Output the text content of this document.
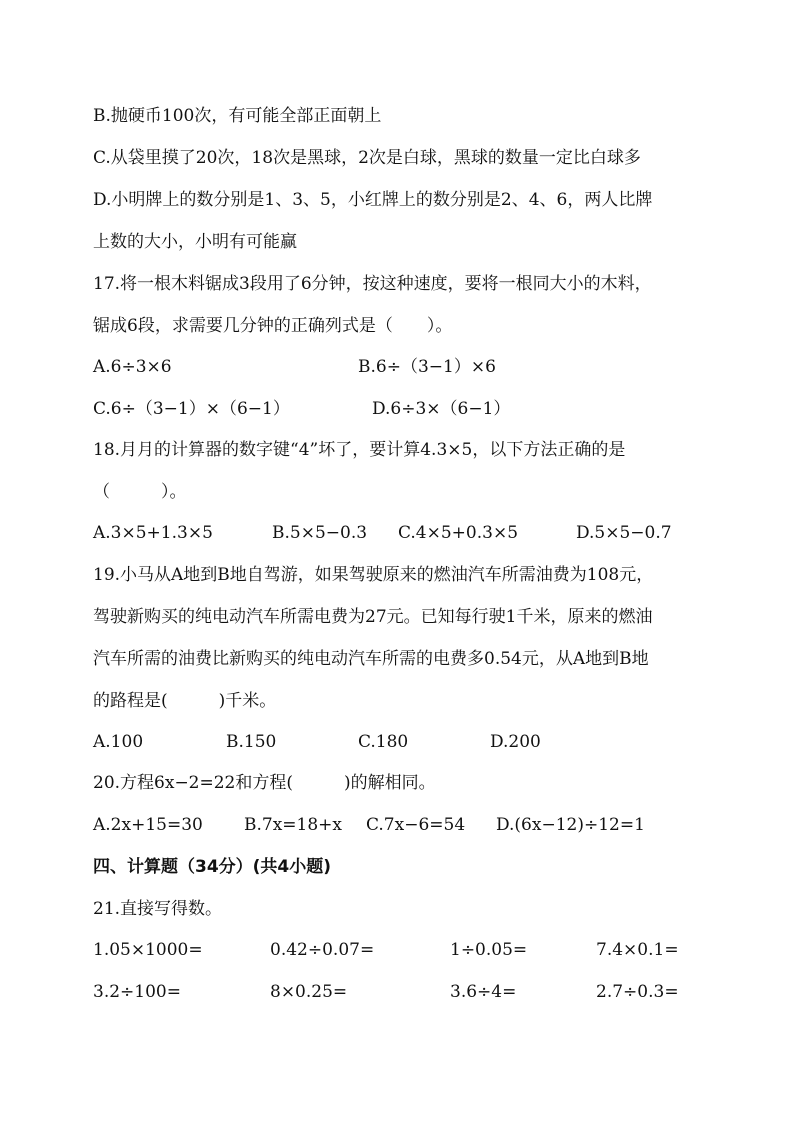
B.抛硬币100次，有可能全部正面朝上
C.从袋里摸了20次，18次是黑球，2次是白球，黑球的数量一定比白球多
D.小明牌上的数分别是1、3、5，小红牌上的数分别是2、4、6，两人比牌
上数的大小，小明有可能赢
17.将一根木料锯成3段用了6分钟，按这种速度，要将一根同大小的木料，
锯成6段，求需要几分钟的正确列式是（　　）。
A.6÷3×6	B.6÷（3−1）×6
C.6÷（3−1）×（6−1）	D.6÷3×（6−1）
18.月月的计算器的数字键“4”坏了，要计算4.3×5，以下方法正确的是
（　　　）。
A.3×5+1.3×5	B.5×5−0.3 C.4×5+0.3×5	D.5×5−0.7
19.小马从A地到B地自驾游，如果驾驶原来的燃油汽车所需油费为108元，
驾驶新购买的纯电动汽车所需电费为27元。已知每行驶1千米，原来的燃油
汽车所需的油费比新购买的纯电动汽车所需的电费多0.54元，从A地到B地
的路程是(　　　)千米。
A.100	B.150	C.180	D.200
20.方程6x−2=22和方程(　　　)的解相同。
A.2x+15=30 B.7x=18+x C.7x−6=54 D.(6x−12)÷12=1
四、计算题（34分）(共4小题)
21.直接写得数。
1.05×1000=	0.42÷0.07=	1÷0.05=	7.4×0.1=
3.2÷100=	8×0.25=	3.6÷4=	2.7÷0.3=
